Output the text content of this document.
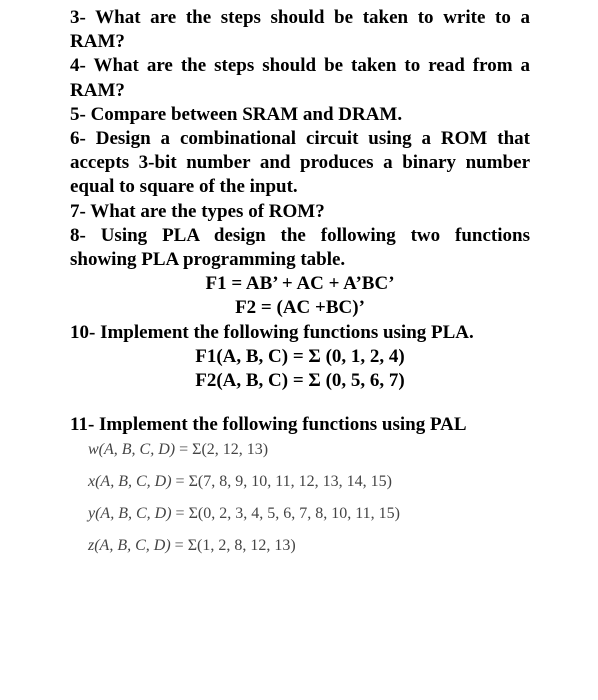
3- What are the steps should be taken to write to a RAM?

4- What are the steps should be taken to read from a RAM?

5- Compare between SRAM and DRAM.

6- Design a combinational circuit using a ROM that accepts 3-bit number and produces a binary number equal to square of the input.

7- What are the types of ROM?

8- Using PLA design the following two functions showing PLA programming table.

F1 = AB’ + AC + A’BC’

F2 = (AC +BC)’

10- Implement the following functions using PLA.

F1(A, B, C) = Σ (0, 1, 2, 4)

F2(A, B, C) = Σ (0, 5, 6, 7)

11- Implement the following functions using PAL

w(A, B, C, D) = Σ(2, 12, 13)

x(A, B, C, D) = Σ(7, 8, 9, 10, 11, 12, 13, 14, 15)

y(A, B, C, D) = Σ(0, 2, 3, 4, 5, 6, 7, 8, 10, 11, 15)

z(A, B, C, D) = Σ(1, 2, 8, 12, 13)
